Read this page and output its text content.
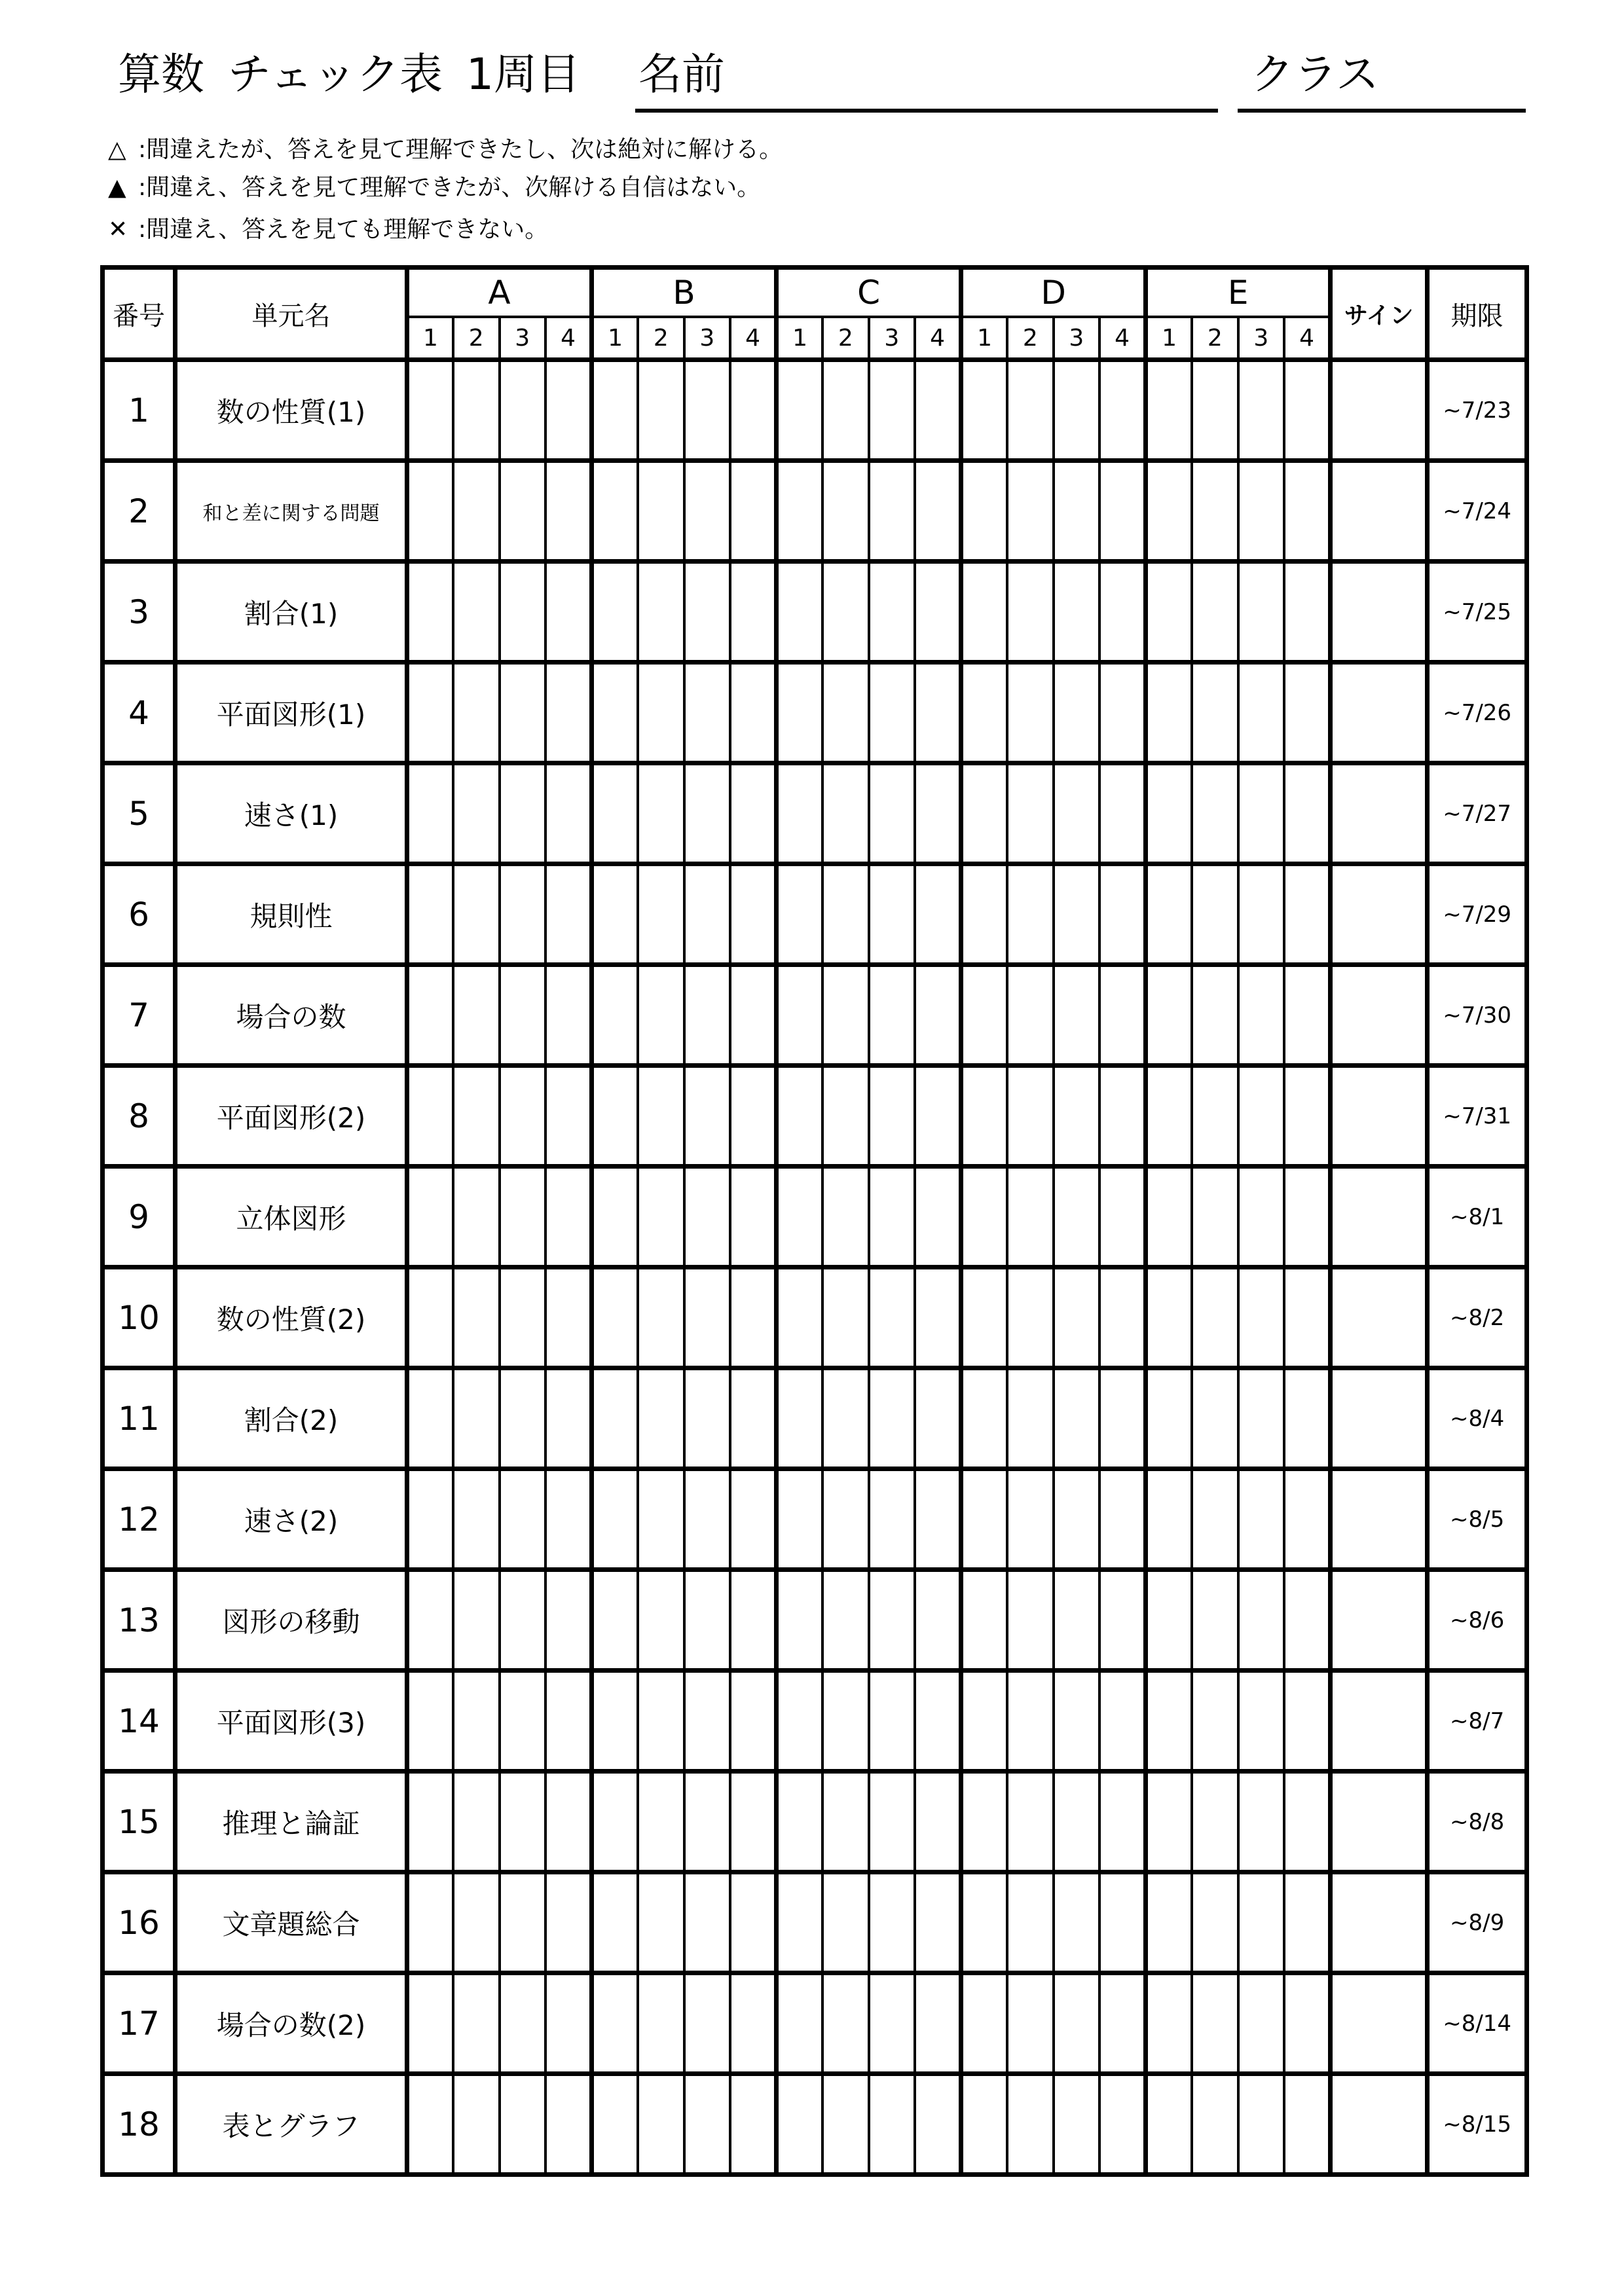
算数 チェック表 1周目	名前	クラス
△ :間違えたが、答えを見て理解できたし、次は絶対に解ける。
▲ :間違え、答えを見て理解できたが、次解ける自信はない。
✕ :間違え、答えを見ても理解できない。
番号	単元名	A				B				C				D				E				サイン	期限
		1	2	3	4	1	2	3	4	1	2	3	4	1	2	3	4	1	2	3	4		
1	数の性質(1)																						~7/23
2	和と差に関する問題																						~7/24
3	割合(1)																						~7/25
4	平面図形(1)																						~7/26
5	速さ(1)																						~7/27
6	規則性																						~7/29
7	場合の数																						~7/30
8	平面図形(2)																						~7/31
9	立体図形																						~8/1
10	数の性質(2)																						~8/2
11	割合(2)																						~8/4
12	速さ(2)																						~8/5
13	図形の移動																						~8/6
14	平面図形(3)																						~8/7
15	推理と論証																						~8/8
16	文章題総合																						~8/9
17	場合の数(2)																						~8/14
18	表とグラフ																						~8/15
